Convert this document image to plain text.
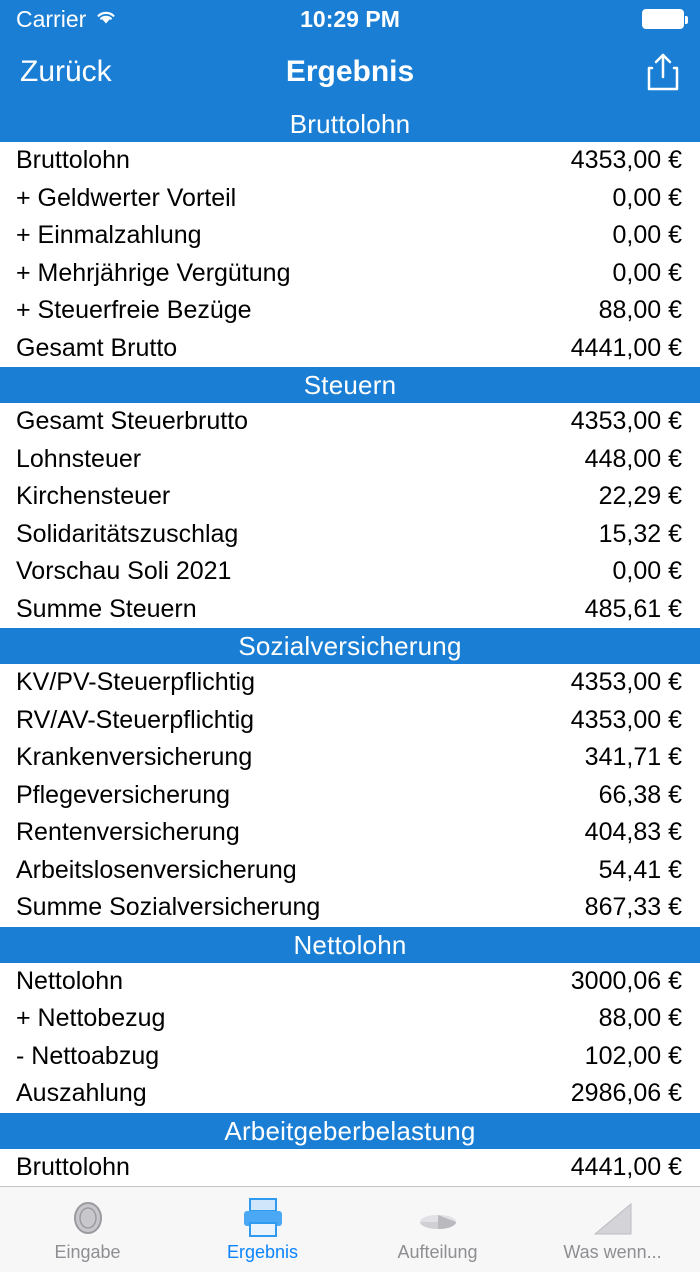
Carrier	10:29 PM
Zurück	Ergebnis
Bruttolohn
Bruttolohn	4353,00 €
+ Geldwerter Vorteil	0,00 €
+ Einmalzahlung	0,00 €
+ Mehrjährige Vergütung	0,00 €
+ Steuerfreie Bezüge	88,00 €
Gesamt Brutto	4441,00 €
Steuern
Gesamt Steuerbrutto	4353,00 €
Lohnsteuer	448,00 €
Kirchensteuer	22,29 €
Solidaritätszuschlag	15,32 €
Vorschau Soli 2021	0,00 €
Summe Steuern	485,61 €
Sozialversicherung
KV/PV-Steuerpflichtig	4353,00 €
RV/AV-Steuerpflichtig	4353,00 €
Krankenversicherung	341,71 €
Pflegeversicherung	66,38 €
Rentenversicherung	404,83 €
Arbeitslosenversicherung	54,41 €
Summe Sozialversicherung	867,33 €
Nettolohn
Nettolohn	3000,06 €
+ Nettobezug	88,00 €
- Nettoabzug	102,00 €
Auszahlung	2986,06 €
Arbeitgeberbelastung
Bruttolohn	4441,00 €
Eingabe	Ergebnis	Aufteilung	Was wenn...
